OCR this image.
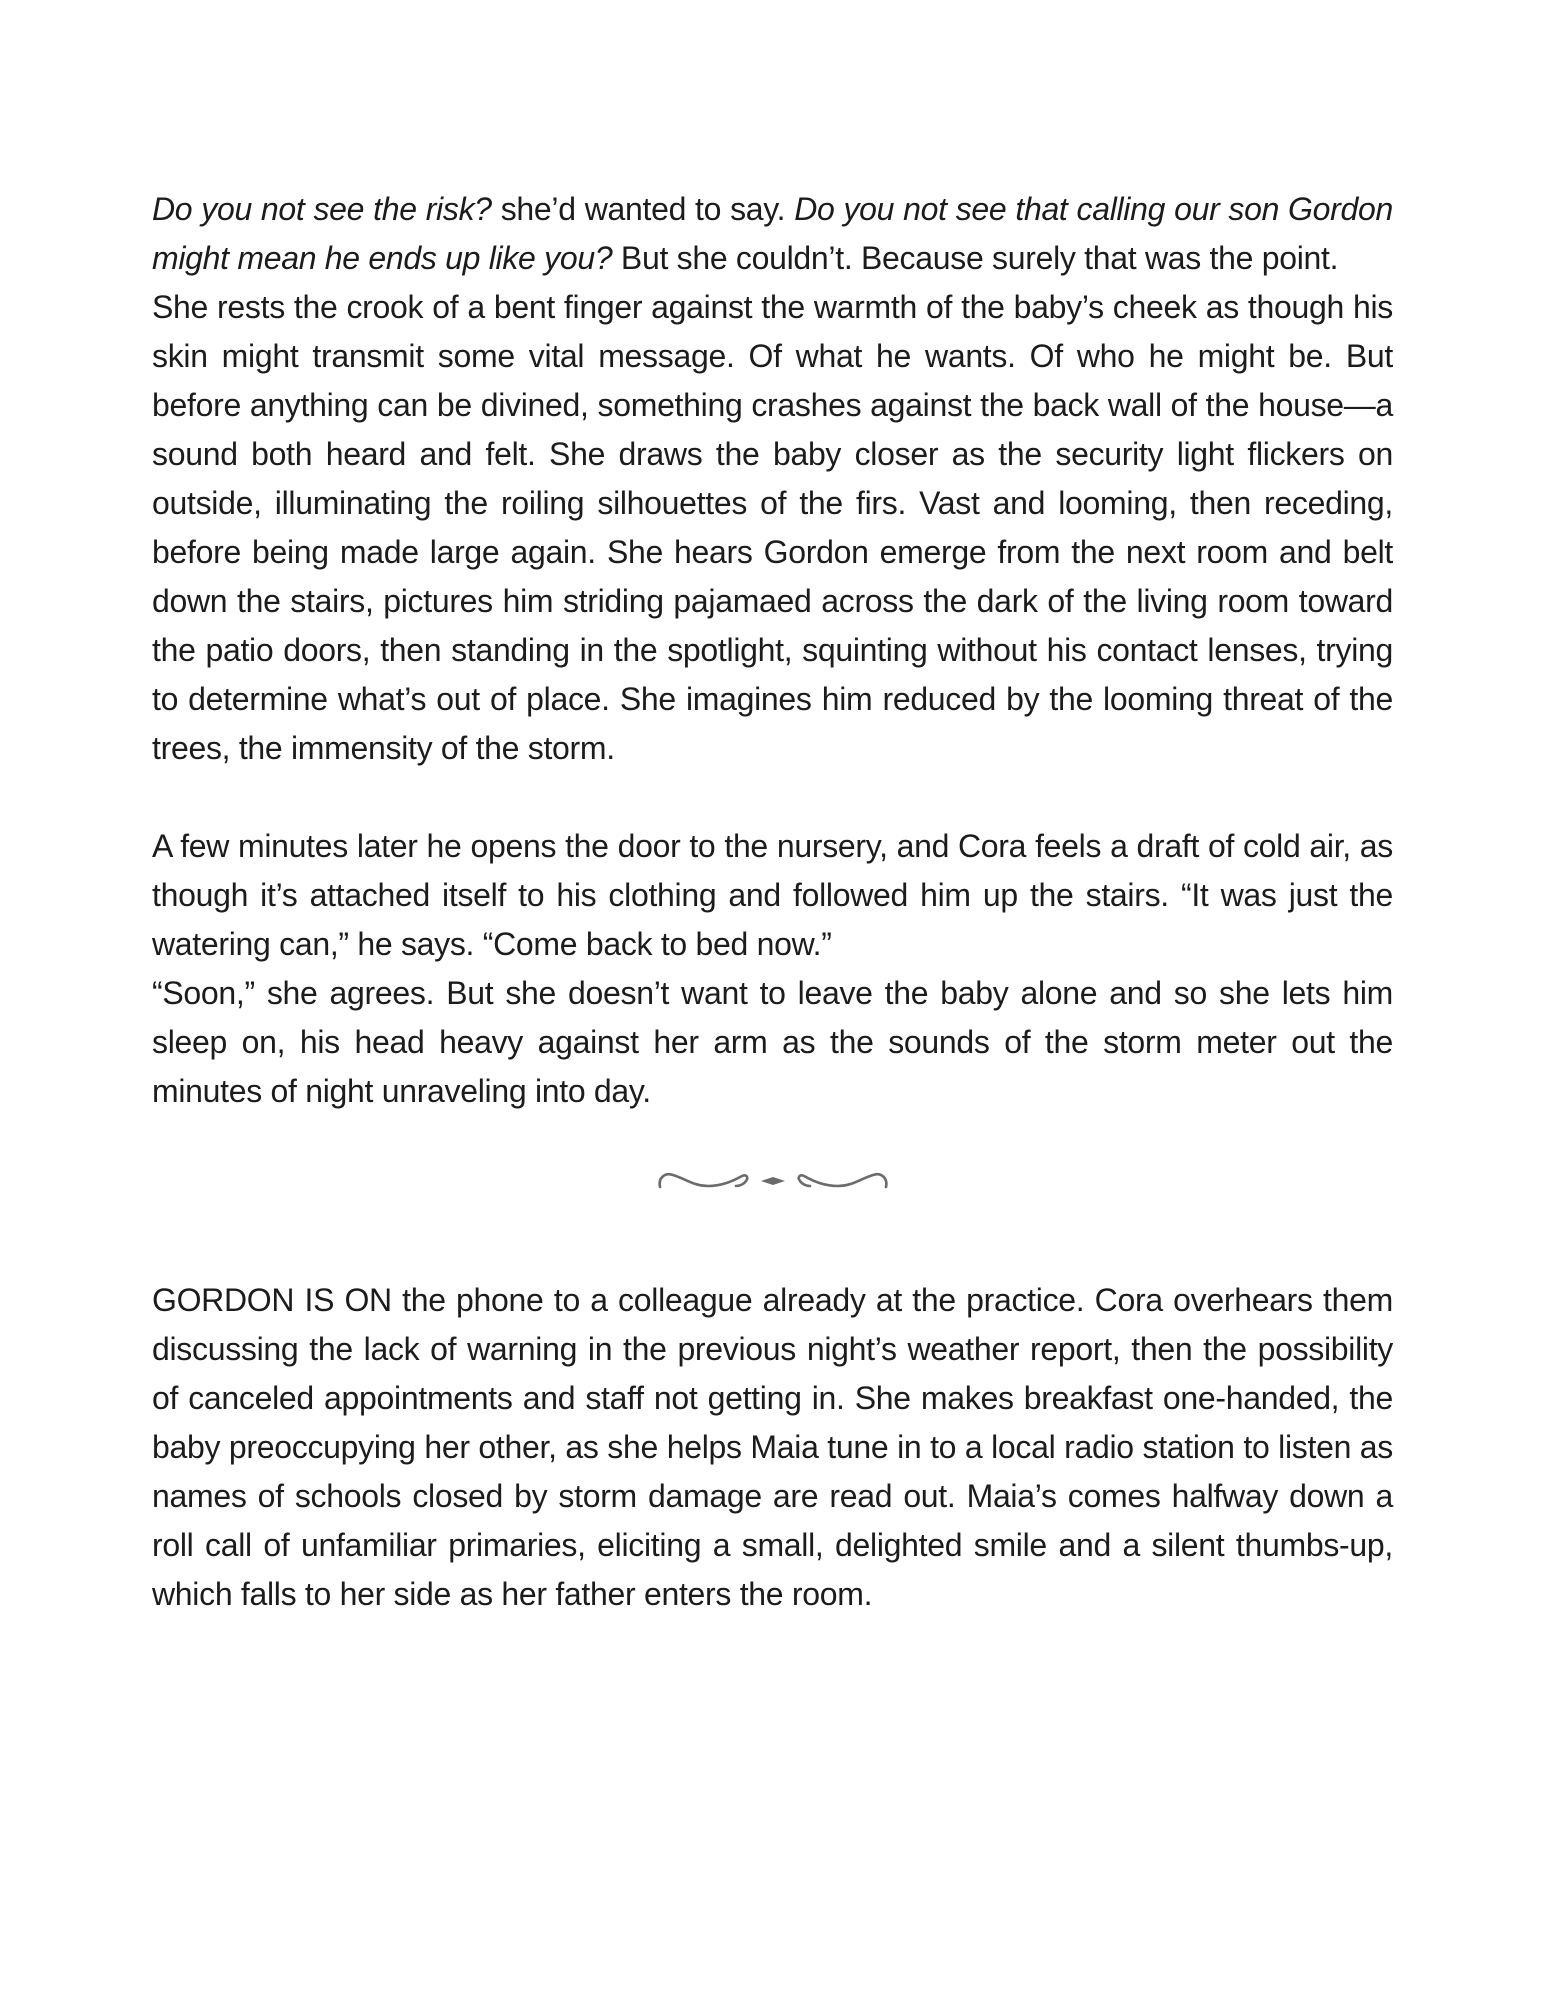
Do you not see the risk? she’d wanted to say. Do you not see that calling our son Gordon might mean he ends up like you? But she couldn’t. Because surely that was the point.

She rests the crook of a bent finger against the warmth of the baby’s cheek as though his skin might transmit some vital message. Of what he wants. Of who he might be. But before anything can be divined, something crashes against the back wall of the house—a sound both heard and felt. She draws the baby closer as the security light flickers on outside, illuminating the roiling silhouettes of the firs. Vast and looming, then receding, before being made large again. She hears Gordon emerge from the next room and belt down the stairs, pictures him striding pajamaed across the dark of the living room toward the patio doors, then standing in the spotlight, squinting without his contact lenses, trying to determine what’s out of place. She imagines him reduced by the looming threat of the trees, the immensity of the storm.

A few minutes later he opens the door to the nursery, and Cora feels a draft of cold air, as though it’s attached itself to his clothing and followed him up the stairs. “It was just the watering can,” he says. “Come back to bed now.”

“Soon,” she agrees. But she doesn’t want to leave the baby alone and so she lets him sleep on, his head heavy against her arm as the sounds of the storm meter out the minutes of night unraveling into day.

GORDON IS ON the phone to a colleague already at the practice. Cora overhears them discussing the lack of warning in the previous night’s weather report, then the possibility of canceled appointments and staff not getting in. She makes breakfast one-handed, the baby preoccupying her other, as she helps Maia tune in to a local radio station to listen as names of schools closed by storm damage are read out. Maia’s comes halfway down a roll call of unfamiliar primaries, eliciting a small, delighted smile and a silent thumbs-up, which falls to her side as her father enters the room.
